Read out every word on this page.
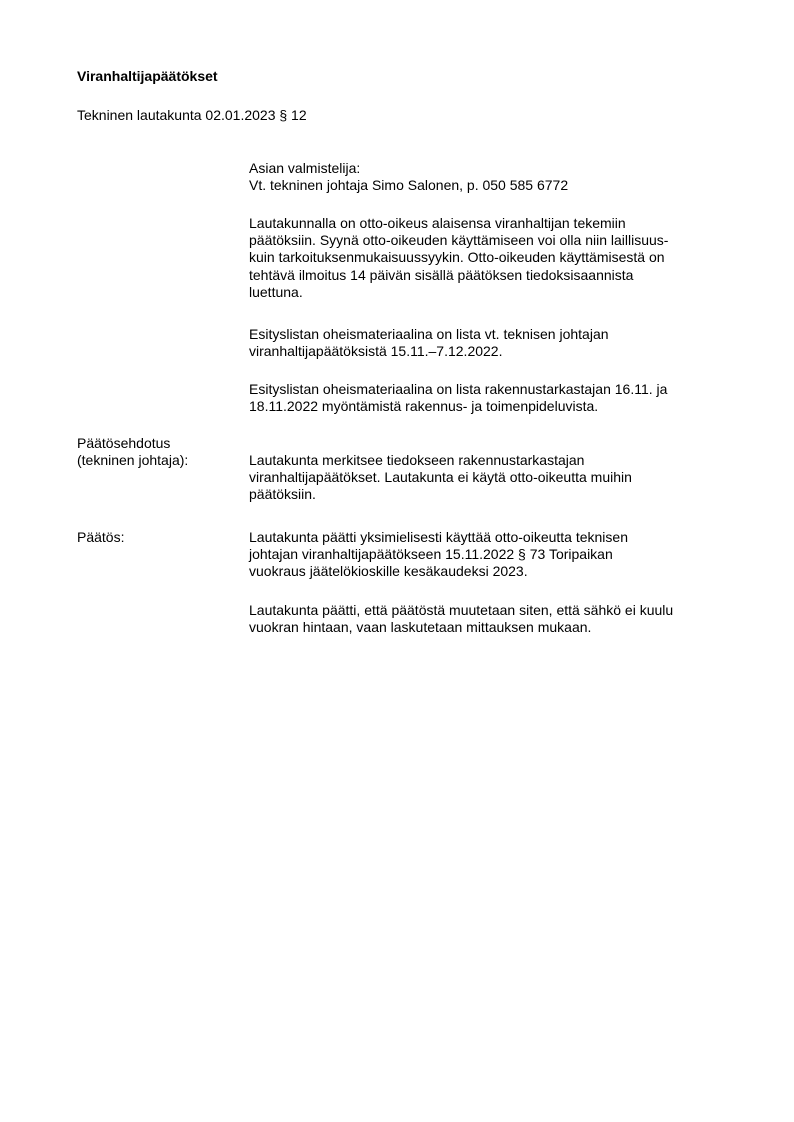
Viranhaltijapäätökset
Tekninen lautakunta 02.01.2023 § 12
Asian valmistelija:
Vt. tekninen johtaja Simo Salonen, p. 050 585 6772
Lautakunnalla on otto-oikeus alaisensa viranhaltijan tekemiin
päätöksiin. Syynä otto-oikeuden käyttämiseen voi olla niin laillisuus-
kuin tarkoituksenmukaisuussyykin. Otto-oikeuden käyttämisestä on
tehtävä ilmoitus 14 päivän sisällä päätöksen tiedoksisaannista
luettuna.
Esityslistan oheismateriaalina on lista vt. teknisen johtajan
viranhaltijapäätöksistä 15.11.–7.12.2022.
Esityslistan oheismateriaalina on lista rakennustarkastajan 16.11. ja
18.11.2022 myöntämistä rakennus- ja toimenpideluvista.
Päätösehdotus
(tekninen johtaja):	Lautakunta merkitsee tiedokseen rakennustarkastajan
viranhaltijapäätökset. Lautakunta ei käytä otto-oikeutta muihin
päätöksiin.
Päätös:	Lautakunta päätti yksimielisesti käyttää otto-oikeutta teknisen
johtajan viranhaltijapäätökseen 15.11.2022 § 73 Toripaikan
vuokraus jäätelökioskille kesäkaudeksi 2023.
Lautakunta päätti, että päätöstä muutetaan siten, että sähkö ei kuulu
vuokran hintaan, vaan laskutetaan mittauksen mukaan.
